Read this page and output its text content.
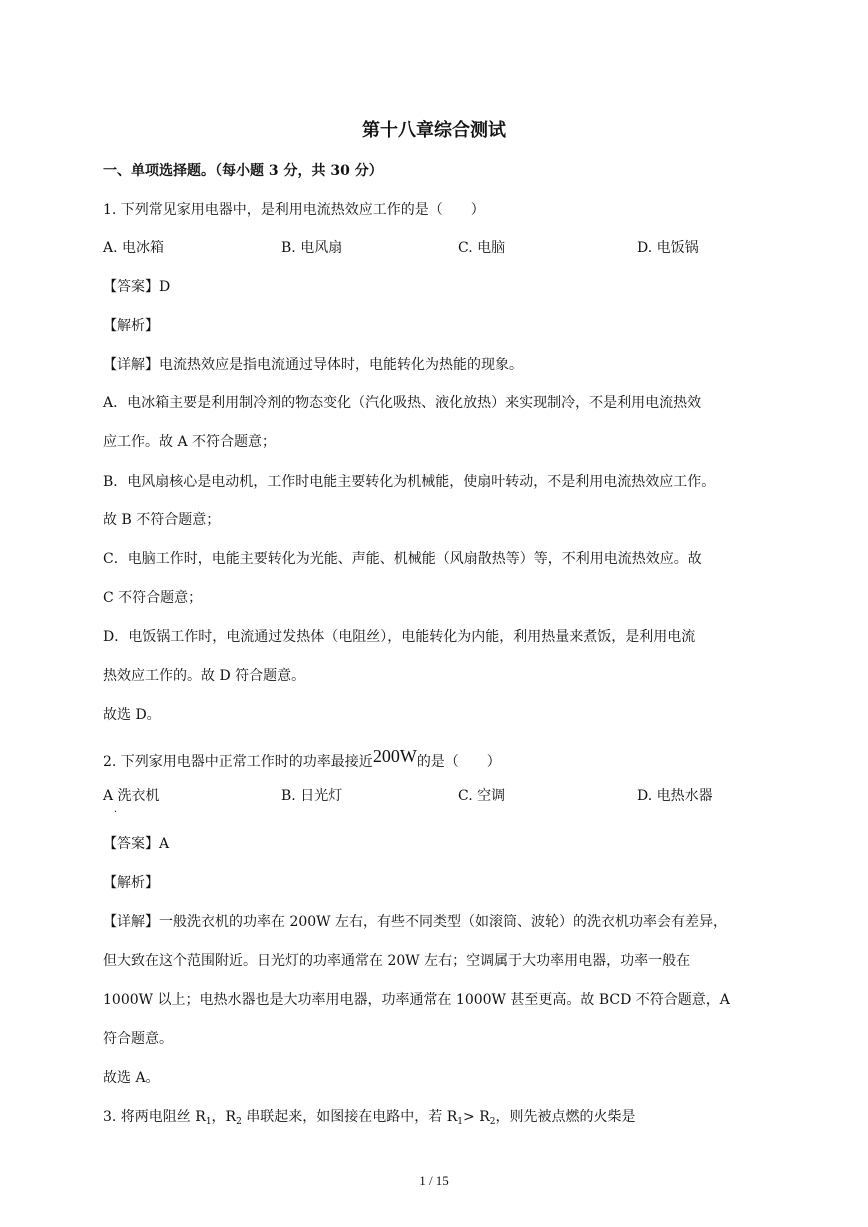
第十八章综合测试
一、单项选择题。（每小题 3 分，共 30 分）
1. 下列常见家用电器中，是利用电流热效应工作的是（　　）
A. 电冰箱	B. 电风扇	C. 电脑	D. 电饭锅
【答案】D
【解析】
【详解】电流热效应是指电流通过导体时，电能转化为热能的现象。
A．电冰箱主要是利用制冷剂的物态变化（汽化吸热、液化放热）来实现制冷，不是利用电流热效
应工作。故 A 不符合题意；
B．电风扇核心是电动机，工作时电能主要转化为机械能，使扇叶转动，不是利用电流热效应工作。
故 B 不符合题意；
C．电脑工作时，电能主要转化为光能、声能、机械能（风扇散热等）等，不利用电流热效应。故
C 不符合题意；
D．电饭锅工作时，电流通过发热体（电阻丝），电能转化为内能，利用热量来煮饭，是利用电流
热效应工作的。故 D 符合题意。
故选 D。
2. 下列家用电器中正常工作时的功率最接近200W的是（　　）
A 洗衣机
·
B. 日光灯	C. 空调	D. 电热水器
【答案】A
【解析】
【详解】一般洗衣机的功率在 200W 左右，有些不同类型（如滚筒、波轮）的洗衣机功率会有差异，
但大致在这个范围附近。日光灯的功率通常在 20W 左右；空调属于大功率用电器，功率一般在
1000W 以上；电热水器也是大功率用电器，功率通常在 1000W 甚至更高。故 BCD 不符合题意，A
符合题意。
故选 A。
3. 将两电阻丝 $R_1$，$R_2$ 串联起来，如图接在电路中，若 $R_1> R_2$，则先被点燃的火柴是
1 / 15
